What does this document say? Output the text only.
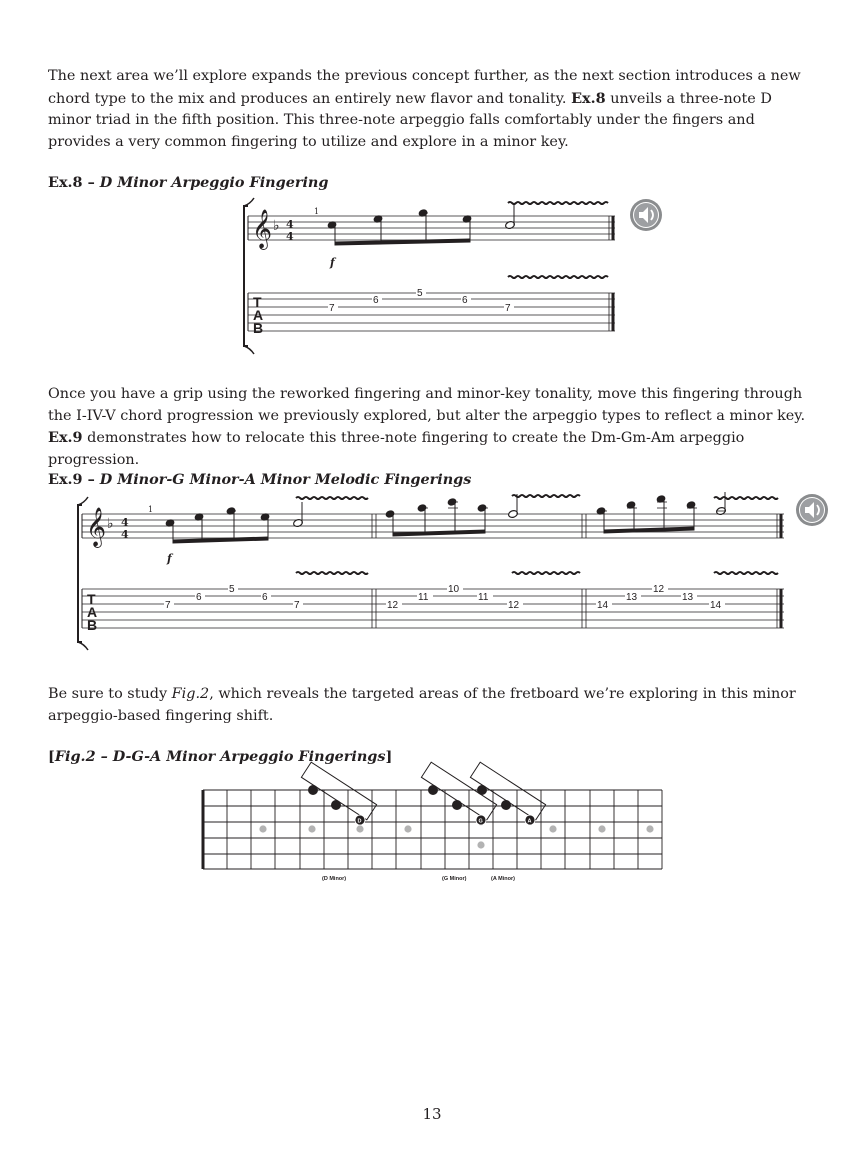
The next area we’ll explore expands the previous concept further, as the next section introduces a new chord type to the mix and produces an entirely new flavor and tonality. Ex.8 unveils a three-note D minor triad in the fifth position. This three-note arpeggio falls comfortably under the fingers and provides a very common fingering to utilize and explore in a minor key.

Ex.8 – D Minor Arpeggio Fingering

𝄞 ♭ 4
4
1
f
T
A
B
7
6
5
6
7

Once you have a grip using the reworked fingering and minor-key tonality, move this fingering through the I-IV-V chord progression we previously explored, but alter the arpeggio types to reflect a minor key. Ex.9 demonstrates how to relocate this three-note fingering to create the Dm-Gm-Am arpeggio progression.

Ex.9 – D Minor-G Minor-A Minor Melodic Fingerings

𝄞 ♭ 4
4
1
f
T
A
B
7
6
5
6
7	12
11
10
11
12	14
13
12
13
14

Be sure to study Fig.2, which reveals the targeted areas of the fretboard we’re exploring in this minor arpeggio-based fingering shift.

[Fig.2 – D-G-A Minor Arpeggio Fingerings]

D	G	A
(D Minor)	(G Minor)	(A Minor)
13
